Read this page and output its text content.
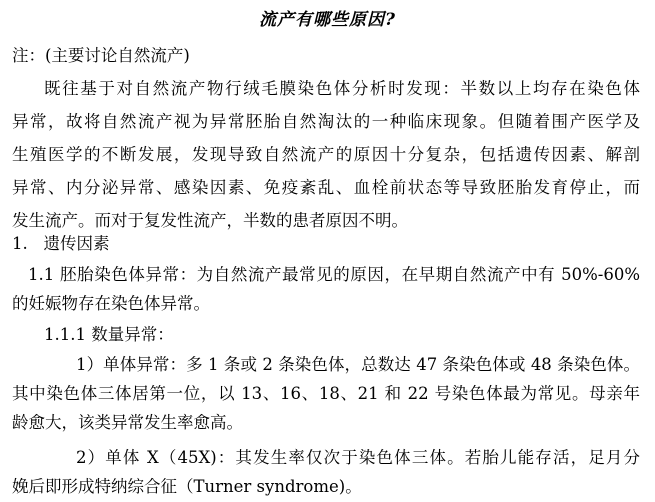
流产有哪些原因?
注：(主要讨论自然流产)
既往基于对自然流产物行绒毛膜染色体分析时发现：半数以上均存在染色体
异常，故将自然流产视为异常胚胎自然淘汰的一种临床现象。但随着围产医学及
生殖医学的不断发展，发现导致自然流产的原因十分复杂，包括遗传因素、解剖
异常、内分泌异常、感染因素、免疫紊乱、血栓前状态等导致胚胎发育停止，而
发生流产。而对于复发性流产，半数的患者原因不明。
1.   遗传因素
1.1 胚胎染色体异常：为自然流产最常见的原因，在早期自然流产中有 50%-60%
的妊娠物存在染色体异常。
1.1.1 数量异常：
1）单体异常：多 1 条或 2 条染色体，总数达 47 条染色体或 48 条染色体。
其中染色体三体居第一位，以 13、16、18、21 和 22 号染色体最为常见。母亲年
龄愈大，该类异常发生率愈高。
2）单体 X（45X)：其发生率仅次于染色体三体。若胎儿能存活，足月分
娩后即形成特纳综合征（Turner syndrome)。
